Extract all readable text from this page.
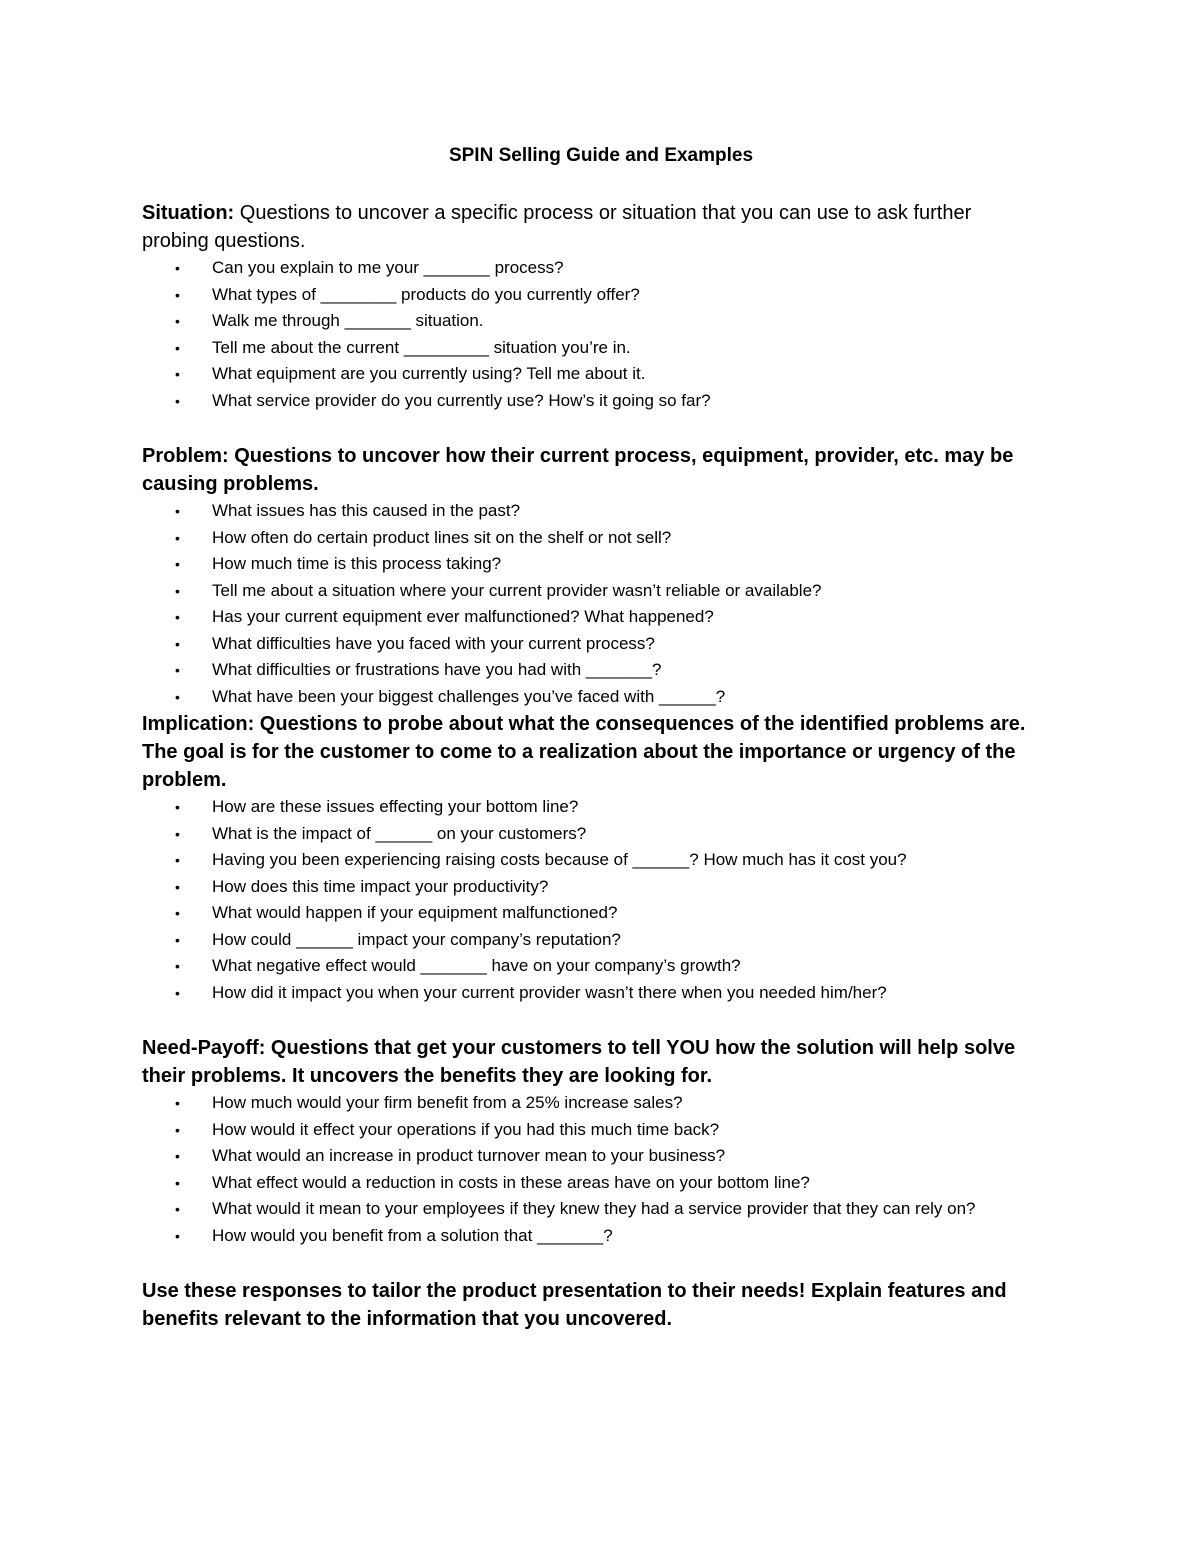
SPIN Selling Guide and Examples

Situation: Questions to uncover a specific process or situation that you can use to ask further probing questions.

• Can you explain to me your _______ process?
• What types of ________ products do you currently offer?
• Walk me through _______ situation.
• Tell me about the current _________ situation you’re in.
• What equipment are you currently using? Tell me about it.
• What service provider do you currently use? How’s it going so far?

Problem: Questions to uncover how their current process, equipment, provider, etc. may be causing problems.

• What issues has this caused in the past?
• How often do certain product lines sit on the shelf or not sell?
• How much time is this process taking?
• Tell me about a situation where your current provider wasn’t reliable or available?
• Has your current equipment ever malfunctioned? What happened?
• What difficulties have you faced with your current process?
• What difficulties or frustrations have you had with _______?
• What have been your biggest challenges you’ve faced with ______?

Implication: Questions to probe about what the consequences of the identified problems are. The goal is for the customer to come to a realization about the importance or urgency of the problem.

• How are these issues effecting your bottom line?
• What is the impact of ______ on your customers?
• Having you been experiencing raising costs because of ______? How much has it cost you?
• How does this time impact your productivity?
• What would happen if your equipment malfunctioned?
• How could ______ impact your company’s reputation?
• What negative effect would _______ have on your company’s growth?
• How did it impact you when your current provider wasn’t there when you needed him/her?

Need-Payoff: Questions that get your customers to tell YOU how the solution will help solve their problems. It uncovers the benefits they are looking for.

• How much would your firm benefit from a 25% increase sales?
• How would it effect your operations if you had this much time back?
• What would an increase in product turnover mean to your business?
• What effect would a reduction in costs in these areas have on your bottom line?
• What would it mean to your employees if they knew they had a service provider that they can rely on?
• How would you benefit from a solution that _______?

Use these responses to tailor the product presentation to their needs! Explain features and benefits relevant to the information that you uncovered.
